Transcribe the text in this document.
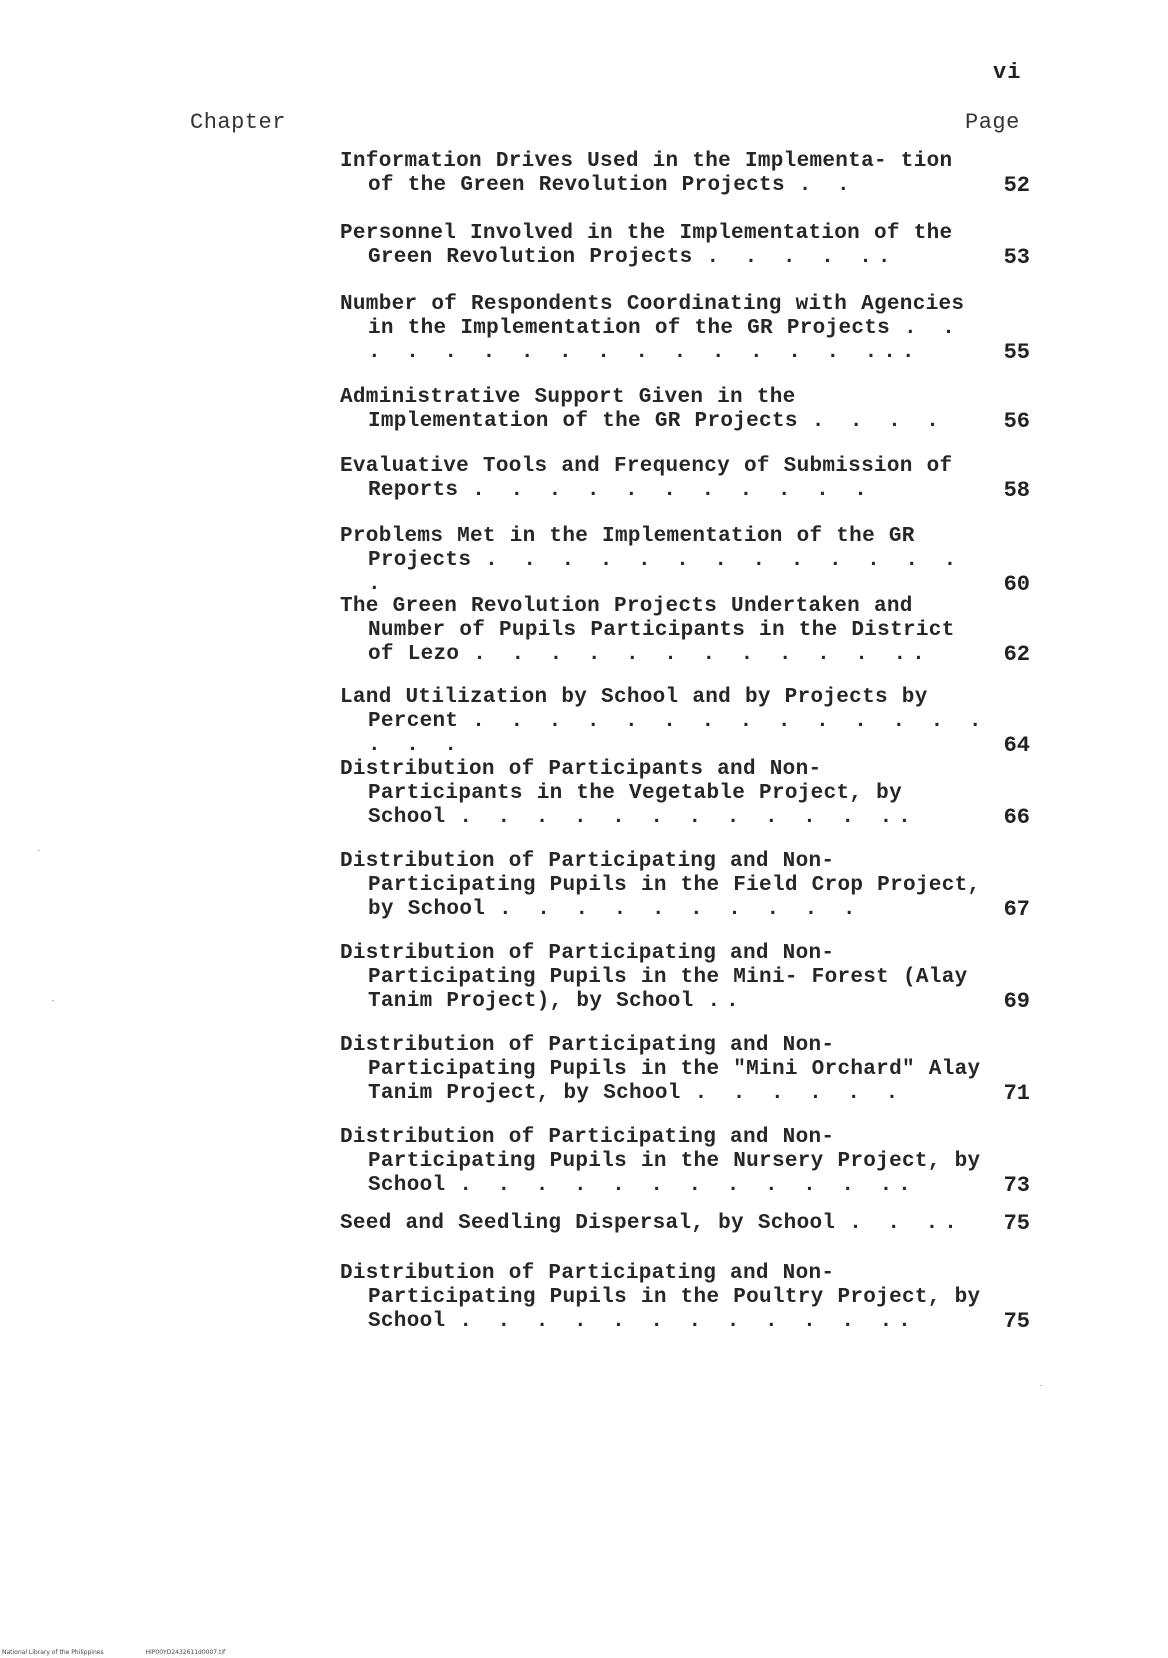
vi
Chapter	Page
Information Drives Used in the Implementa- tion of the Green Revolution Projects . .	52
Personnel Involved in the Implementation of the Green Revolution Projects . . . . ..	53
Number of Respondents Coordinating with Agencies in the Implementation of the GR Projects . . . . . . . . . . . . . . . ...	55
Administrative Support Given in the Implementation of the GR Projects . . . .	56
Evaluative Tools and Frequency of Submission of Reports . . . . . . . . . . .	58
Problems Met in the Implementation of the GR Projects . . . . . . . . . . . . . .	60
The Green Revolution Projects Undertaken and Number of Pupils Participants in the District of Lezo . . . . . . . . . . . ..	62
Land Utilization by School and by Projects by Percent . . . . . . . . . . . . . . . . .	64
Distribution of Participants and Non- Participants in the Vegetable Project, by School . . . . . . . . . . . ..	66
Distribution of Participating and Non- Participating Pupils in the Field Crop Project, by School . . . . . . . . . .	67
Distribution of Participating and Non- Participating Pupils in the Mini- Forest (Alay Tanim Project), by School ..	69
Distribution of Participating and Non- Participating Pupils in the "Mini Orchard" Alay Tanim Project, by School . . . . . .	71
Distribution of Participating and Non- Participating Pupils in the Nursery Project, by School . . . . . . . . . . . ..	73
Seed and Seedling Dispersal, by School . . ..	75
Distribution of Participating and Non- Participating Pupils in the Poultry Project, by School . . . . . . . . . . . ..	75
National Library of the Philippines	HIP00YD2432611d0007.tif
